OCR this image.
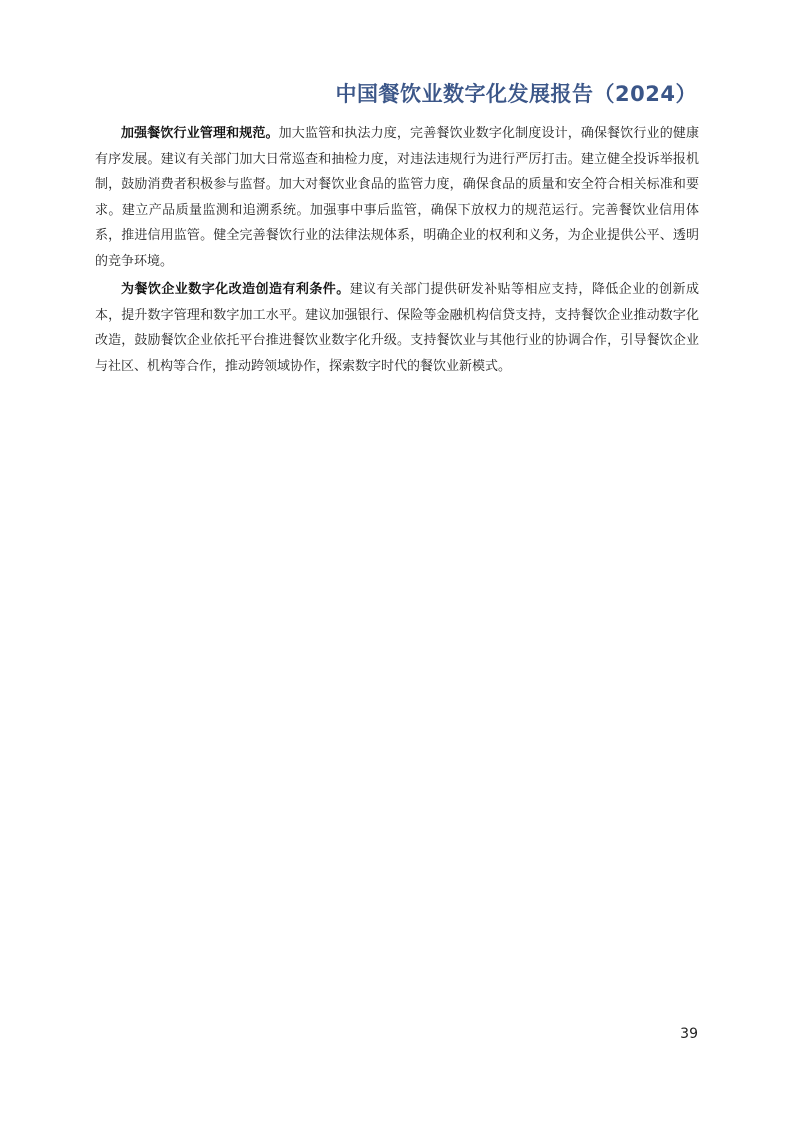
中国餐饮业数字化发展报告（2024）

加强餐饮行业管理和规范。加大监管和执法力度，完善餐饮业数字化制度设计，确保餐饮行业的健康有序发展。建议有关部门加大日常巡查和抽检力度，对违法违规行为进行严厉打击。建立健全投诉举报机制，鼓励消费者积极参与监督。加大对餐饮业食品的监管力度，确保食品的质量和安全符合相关标准和要求。建立产品质量监测和追溯系统。加强事中事后监管，确保下放权力的规范运行。完善餐饮业信用体系，推进信用监管。健全完善餐饮行业的法律法规体系，明确企业的权利和义务，为企业提供公平、透明的竞争环境。

为餐饮企业数字化改造创造有利条件。建议有关部门提供研发补贴等相应支持，降低企业的创新成本，提升数字管理和数字加工水平。建议加强银行、保险等金融机构信贷支持，支持餐饮企业推动数字化改造，鼓励餐饮企业依托平台推进餐饮业数字化升级。支持餐饮业与其他行业的协调合作，引导餐饮企业与社区、机构等合作，推动跨领域协作，探索数字时代的餐饮业新模式。

39
